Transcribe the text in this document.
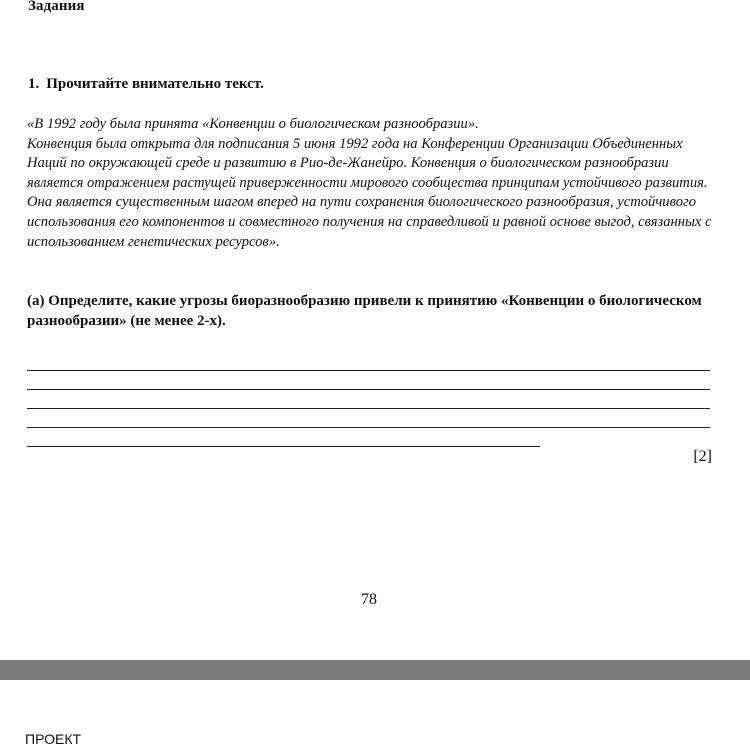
Задания
1. Прочитайте внимательно текст.

«В 1992 году была принята «Конвенции о биологическом разнообразии».

Конвенция была открыта для подписания 5 июня 1992 года на Конференции Организации Объединенных Наций по окружающей среде и развитию в Рио-де-Жанейро. Конвенция о биологическом разнообразии является отражением растущей приверженности мирового сообщества принципам устойчивого развития. Она является существенным шагом вперед на пути сохранения биологического разнообразия, устойчивого использования его компонентов и совместного получения на справедливой и равной основе выгод, связанных с использованием генетических ресурсов».

(а) Определите, какие угрозы биоразнообразию привели к принятию «Конвенции о биологическом разнообразии» (не менее 2-х).
[2]
78
ПРОЕКТ
